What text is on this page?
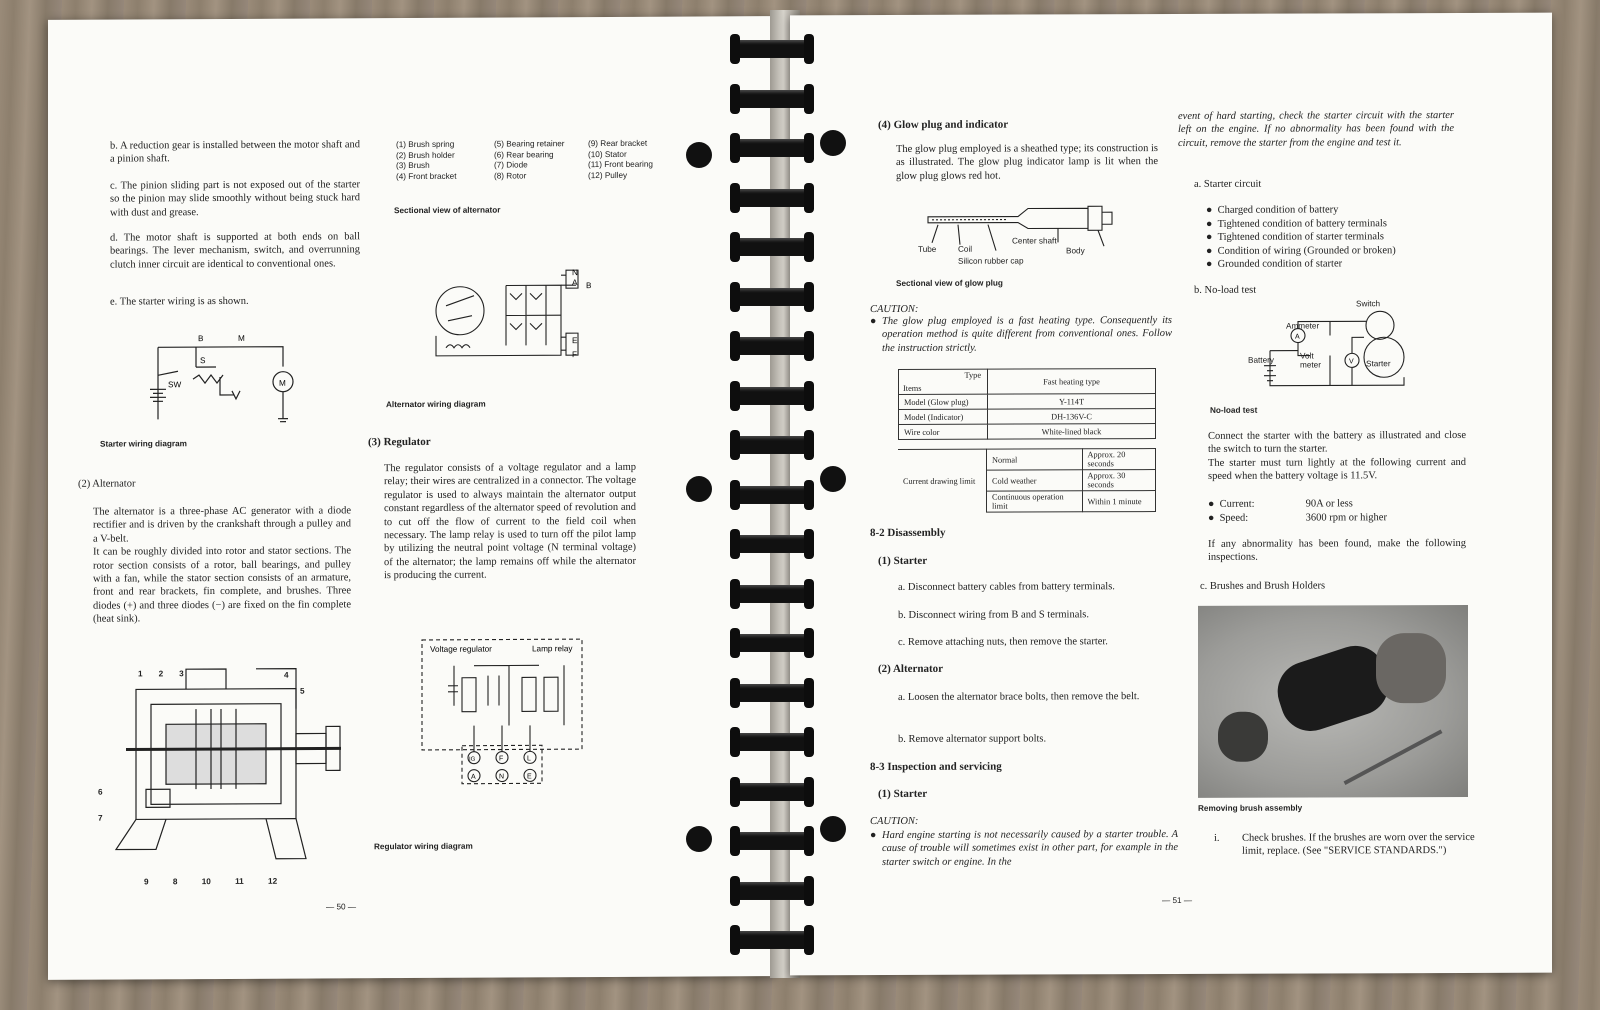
b. A reduction gear is installed between the motor shaft and a pinion shaft.
c. The pinion sliding part is not exposed out of the starter so the pinion may slide smoothly without being stuck hard with dust and grease.
d. The motor shaft is supported at both ends on ball bearings. The lever mechanism, switch, and overrunning clutch inner circuit are identical to conventional ones.
e. The starter wiring is as shown.
B	M
S
SW	M
Starter wiring diagram
(2) Alternator
The alternator is a three-phase AC generator with a diode rectifier and is driven by the crankshaft through a pulley and a V-belt.
It can be roughly divided into rotor and stator sections. The rotor section consists of a rotor, ball bearings, and pulley with a fan, while the stator section consists of an armature, front and rear brackets, fin complete, and brushes. Three diodes (+) and three diodes (−) are fixed on the fin complete (heat sink).
123	4
5
6
7
9	8	10	11	12
(1) Brush spring	(5) Bearing retainer	(9) Rear bracket
(2) Brush holder	(6) Rear bearing	(10) Stator
(3) Brush	(7) Diode	(11) Front bearing
(4) Front bracket	(8) Rotor	(12) Pulley
Sectional view of alternator
N
A B
E
F
Alternator wiring diagram
(3) Regulator
The regulator consists of a voltage regulator and a lamp relay; their wires are centralized in a connector. The voltage regulator is used to always maintain the alternator output constant regardless of the alternator speed of revolution and to cut off the flow of current to the field coil when necessary. The lamp relay is used to turn off the pilot lamp by utilizing the neutral point voltage (N terminal voltage) of the alternator; the lamp remains off while the alternator is producing the current.
Voltage regulator	Lamp relay
IG	F	L
A	N	E
Regulator wiring diagram
— 50 —
(4) Glow plug and indicator
The glow plug employed is a sheathed type; its construction is as illustrated. The glow plug indicator lamp is lit when the glow plug glows red hot.
Tube	Coil
Center shaft
Body
Silicon rubber cap
Sectional view of glow plug
CAUTION:
● The glow plug employed is a fast heating type. Consequently its operation method is quite different from conventional ones. Follow the instruction strictly.
Type
Items	Fast heating type
Model (Glow plug)	Y-114T
Model (Indicator)	DH-136V-C
Wire color	White-lined black
Current drawing limit	Normal	Approx. 20 seconds
	Cold weather	Approx. 30 seconds
	Continuous operation limit	Within 1 minute
8-2 Disassembly
(1) Starter
a. Disconnect battery cables from battery terminals.
b. Disconnect wiring from B and S terminals.
c. Remove attaching nuts, then remove the starter.
(2) Alternator
a. Loosen the alternator brace bolts, then remove the belt.
b. Remove alternator support bolts.
8-3 Inspection and servicing
(1) Starter
CAUTION:
● Hard engine starting is not necessarily caused by a starter trouble. A cause of trouble will sometimes exist in other part, for example in the starter switch or engine. In the
event of hard starting, check the starter circuit with the starter left on the engine. If no abnormality has been found with the circuit, remove the starter from the engine and test it.
a. Starter circuit
●  Charged condition of battery
●  Tightened condition of battery terminals
●  Tightened condition of starter terminals
●  Condition of wiring (Grounded or broken)
●  Grounded condition of starter
b. No-load test
A
V
Switch
Ammeter
Battery	Volt meter	Starter
No-load test
Connect the starter with the battery as illustrated and close the switch to turn the starter.
The starter must turn lightly at the following current and speed when the battery voltage is 11.5V.
●  Current:	90A or less
●  Speed:	3600 rpm or higher
If any abnormality has been found, make the following inspections.
c. Brushes and Brush Holders
Removing brush assembly
i. Check brushes. If the brushes are worn over the service limit, replace. (See "SERVICE STANDARDS.")
— 51 —
